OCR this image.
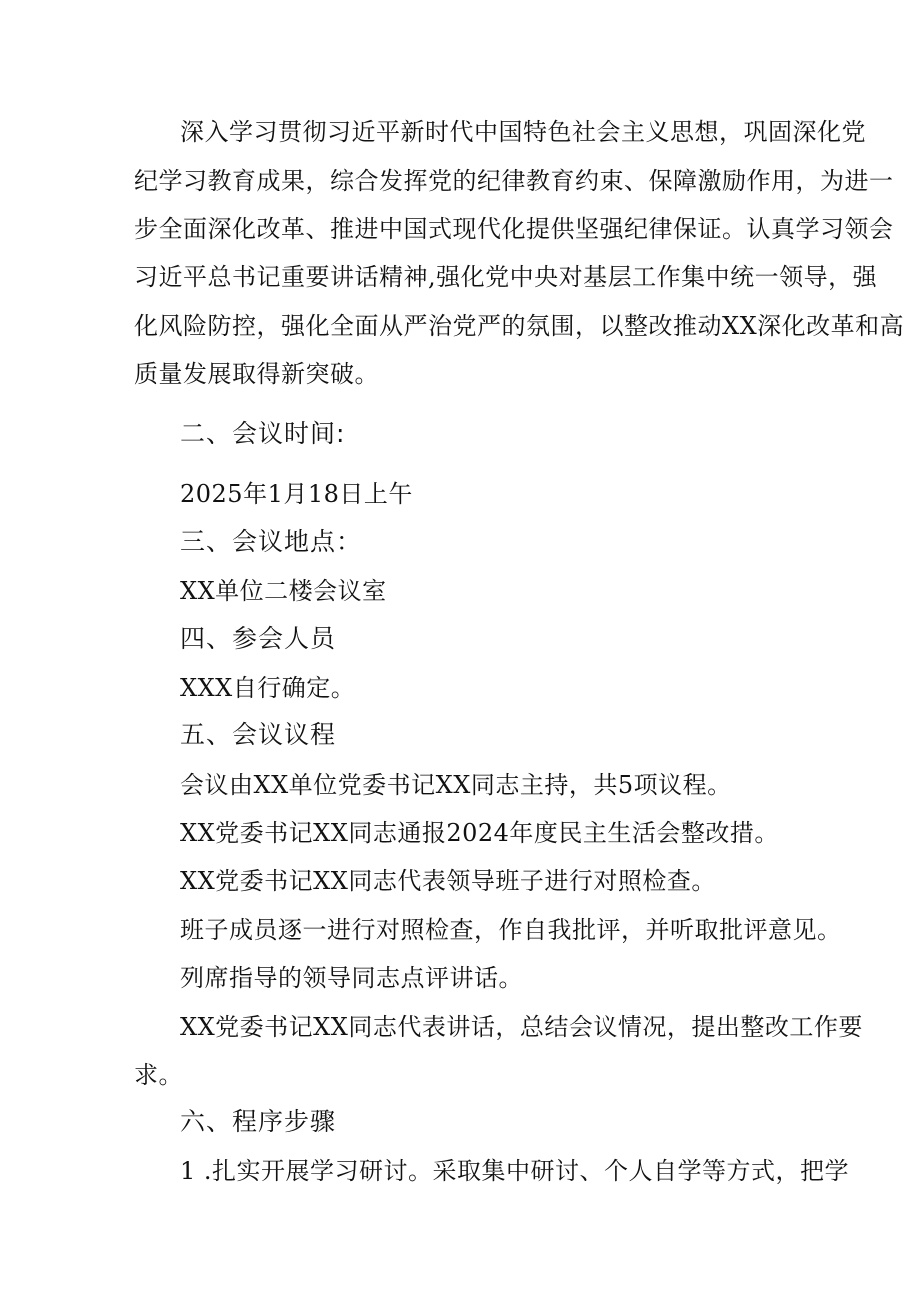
深入学习贯彻习近平新时代中国特色社会主义思想，巩固深化党
纪学习教育成果，综合发挥党的纪律教育约束、保障激励作用，为进一
步全面深化改革、推进中国式现代化提供坚强纪律保证。认真学习领会
习近平总书记重要讲话精神,强化党中央对基层工作集中统一领导，强
化风险防控，强化全面从严治党严的氛围，以整改推动XX深化改革和高
质量发展取得新突破。
二、会议时间:
2025年1月18日上午
三、会议地点：
XX单位二楼会议室
四、参会人员
XXX自行确定。
五、会议议程
会议由XX单位党委书记XX同志主持，共5项议程。
XX党委书记XX同志通报2024年度民主生活会整改措。
XX党委书记XX同志代表领导班子进行对照检查。
班子成员逐一进行对照检查，作自我批评，并听取批评意见。
列席指导的领导同志点评讲话。
XX党委书记XX同志代表讲话，总结会议情况，提出整改工作要
求。
六、程序步骤
1 .扎实开展学习研讨。采取集中研讨、个人自学等方式，把学
